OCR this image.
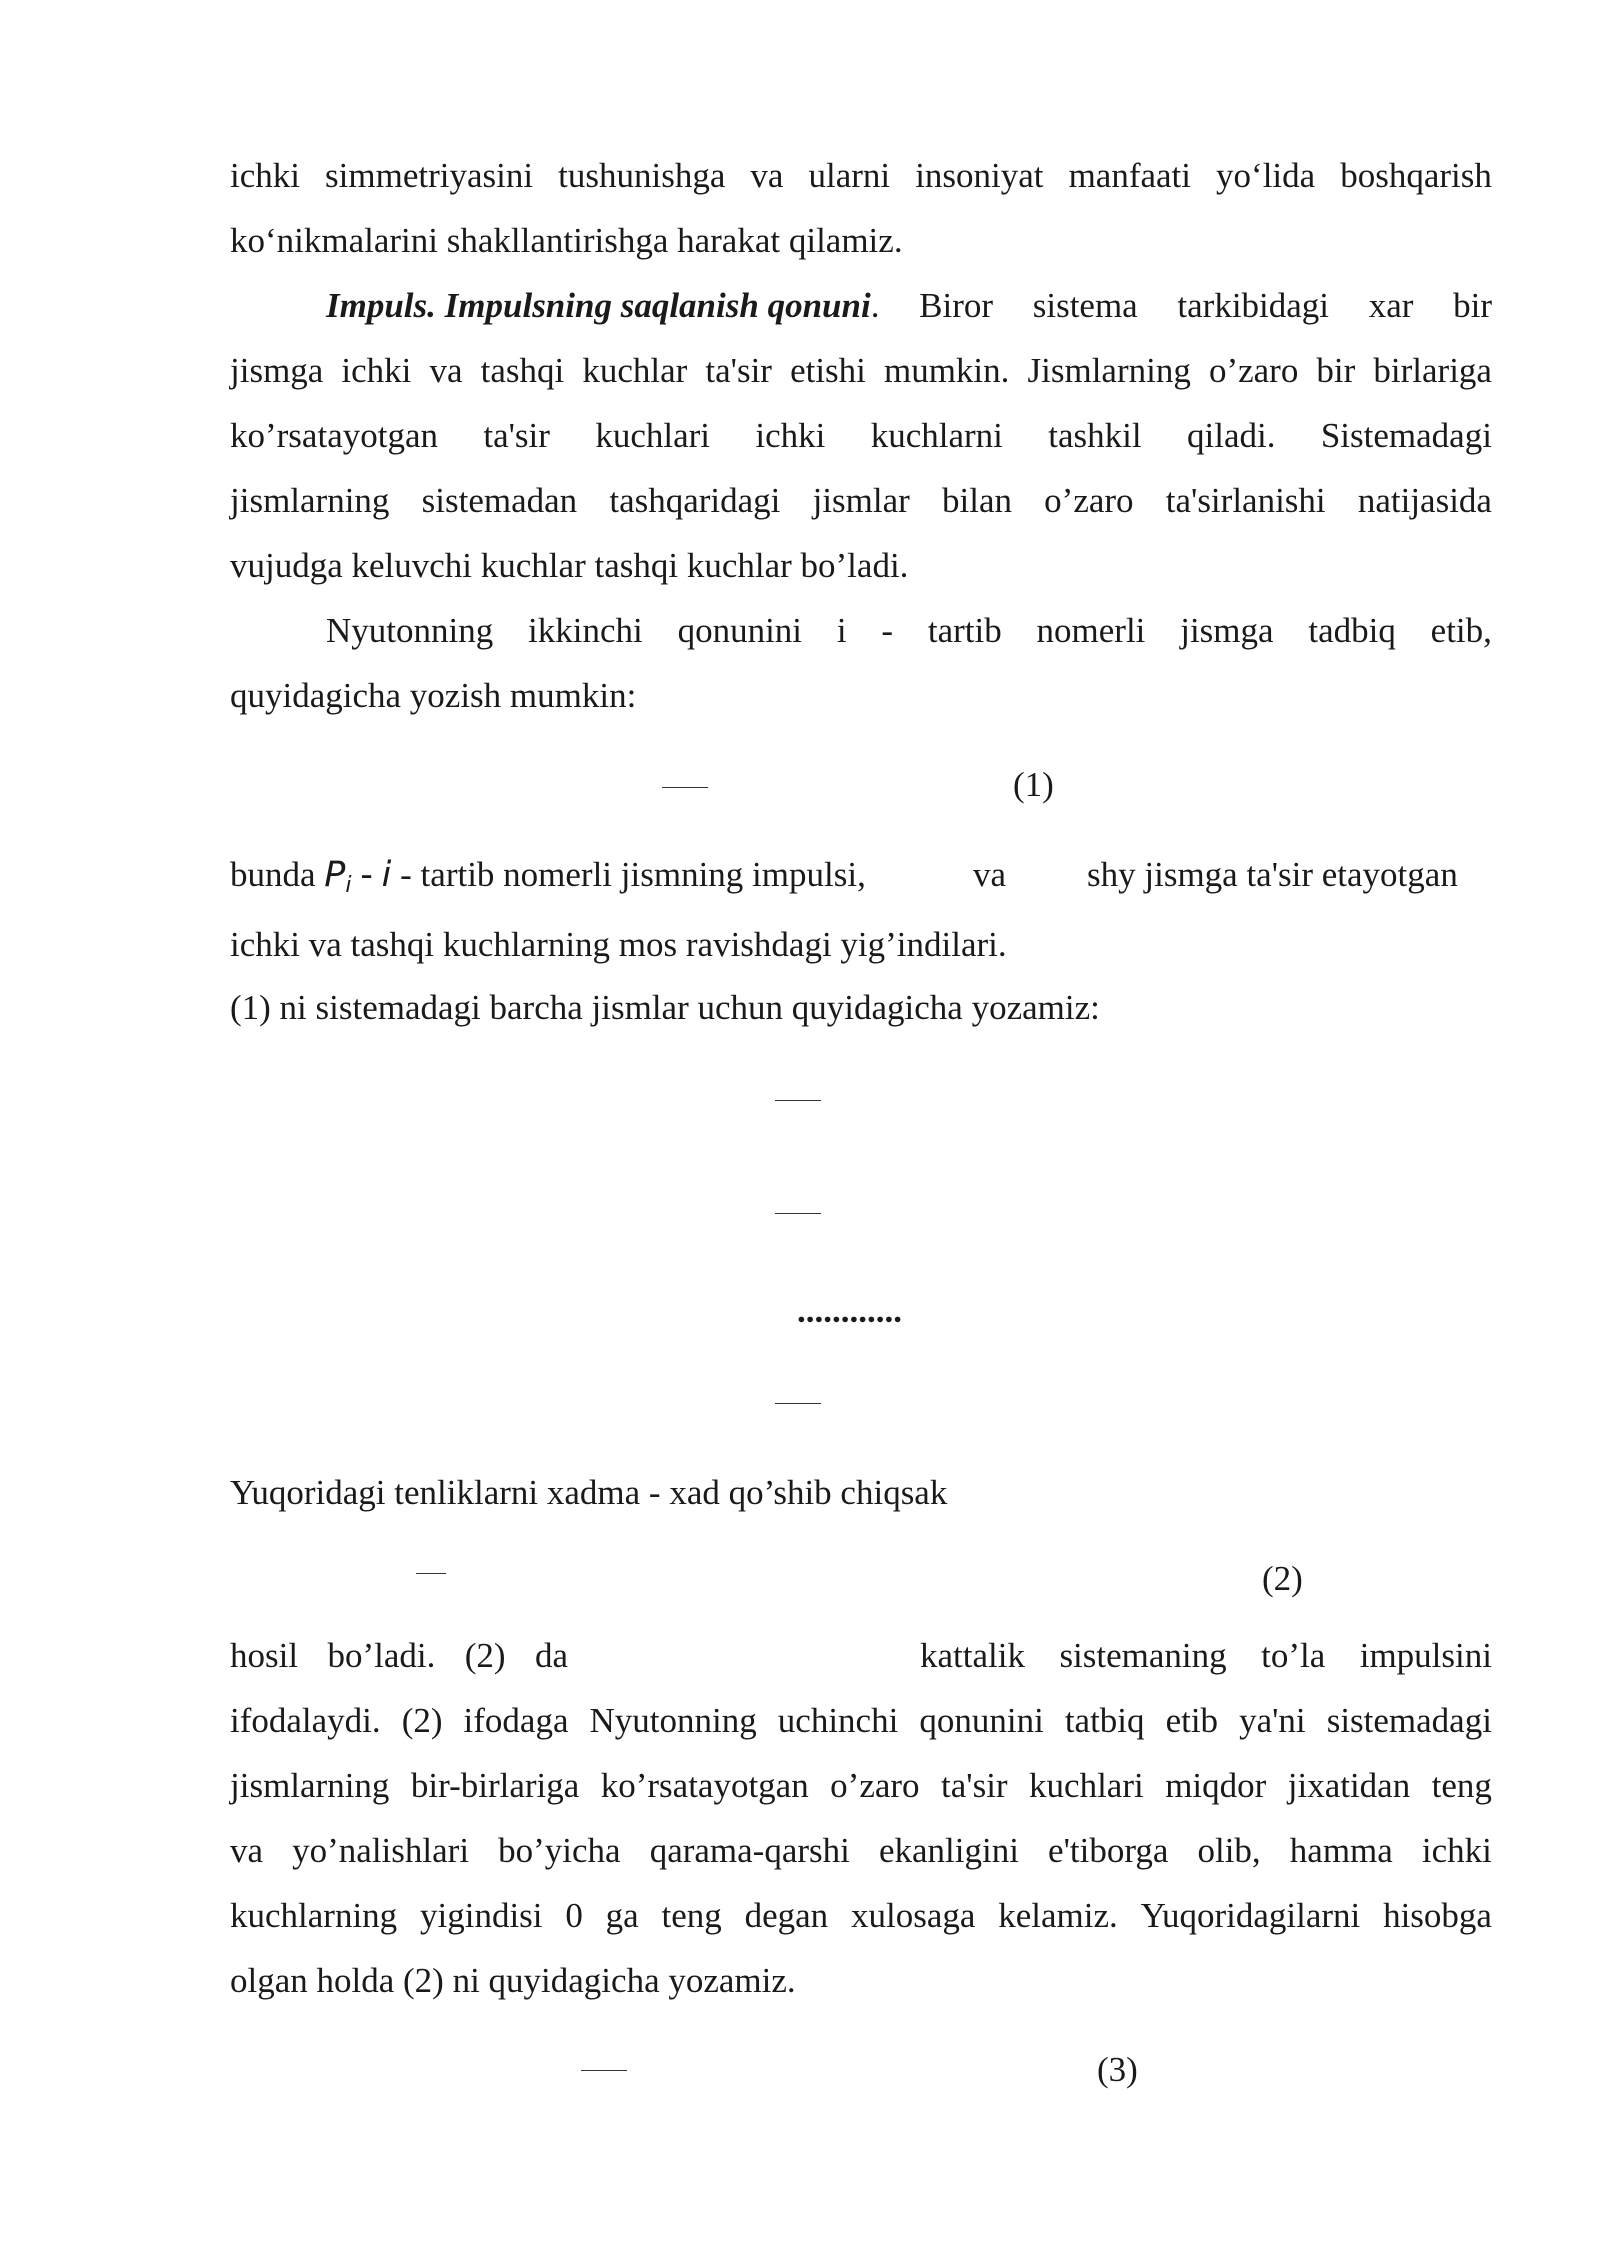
ichki simmetriyasini tushunishga va ularni insoniyat manfaati yo‘lida boshqarish
ko‘nikmalarini shakllantirishga harakat qilamiz.
Impuls. Impulsning saqlanish qonuni. Biror sistema tarkibidagi xar bir
jismga ichki va tashqi kuchlar ta'sir etishi mumkin. Jismlarning o’zaro bir birlariga
ko’rsatayotgan ta'sir kuchlari ichki kuchlarni tashkil qiladi. Sistemadagi
jismlarning sistemadan tashqaridagi jismlar bilan o’zaro ta'sirlanishi natijasida
vujudga keluvchi kuchlar tashqi kuchlar bo’ladi.
Nyutonning ikkinchi qonunini i - tartib nomerli jismga tadbiq etib,
quyidagicha yozish mumkin:
(1)
bunda $P_i$ - i - tartib nomerli jismning impulsi,	va shy jismga ta'sir etayotgan
ichki va tashqi kuchlarning mos ravishdagi yig’indilari.
(1) ni sistemadagi barcha jismlar uchun quyidagicha yozamiz:
............
Yuqoridagi tenliklarni xadma - xad qo’shib chiqsak
(2)
hosil bo’ladi. (2) da	kattalik sistemaning to’la impulsini
ifodalaydi. (2) ifodaga Nyutonning uchinchi qonunini tatbiq etib ya'ni sistemadagi
jismlarning bir-birlariga ko’rsatayotgan o’zaro ta'sir kuchlari miqdor jixatidan teng
va yo’nalishlari bo’yicha qarama-qarshi ekanligini e'tiborga olib, hamma ichki
kuchlarning yigindisi 0 ga teng degan xulosaga kelamiz. Yuqoridagilarni hisobga
olgan holda (2) ni quyidagicha yozamiz.
(3)
